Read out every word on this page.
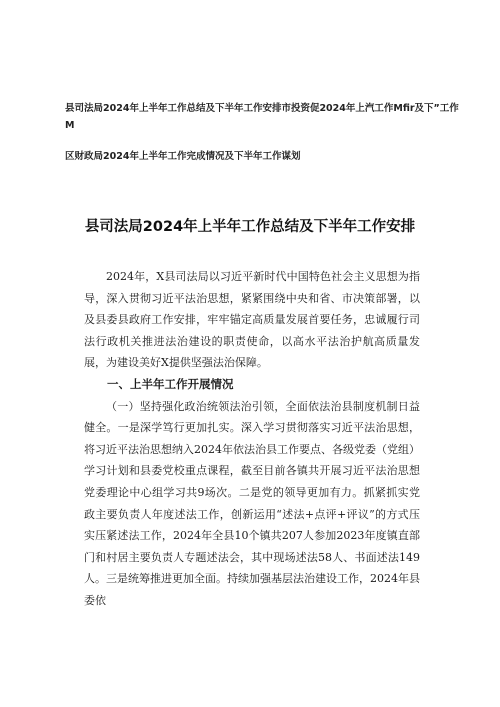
县司法局2024年上半年工作总结及下半年工作安排市投资促2024年上汽工作Mfir及下”工作M
区财政局2024年上半年工作完成情况及下半年工作谋划
县司法局2024年上半年工作总结及下半年工作安排

2024年，X县司法局以习近平新时代中国特色社会主义思想为指导，深入贯彻习近平法治思想，紧紧围绕中央和省、市决策部署，以及县委县政府工作安排，牢牢锚定高质量发展首要任务，忠诚履行司法行政机关推进法治建设的职责使命，以高水平法治护航高质量发展，为建设美好X提供坚强法治保障。

一、上半年工作开展情况

（一）坚持强化政治统领法治引领，全面依法治县制度机制日益健全。一是深学笃行更加扎实。深入学习贯彻落实习近平法治思想，将习近平法治思想纳入2024年依法治县工作要点、各级党委（党组）学习计划和县委党校重点课程，截至目前各镇共开展习近平法治思想党委理论中心组学习共9场次。二是党的领导更加有力。抓紧抓实党政主要负责人年度述法工作，创新运用“述法+点评+评议”的方式压实压紧述法工作，2024年全县10个镇共207人参加2023年度镇直部门和村居主要负责人专题述法会，其中现场述法58人、书面述法149人。三是统筹推进更加全面。持续加强基层法治建设工作，2024年县委依
